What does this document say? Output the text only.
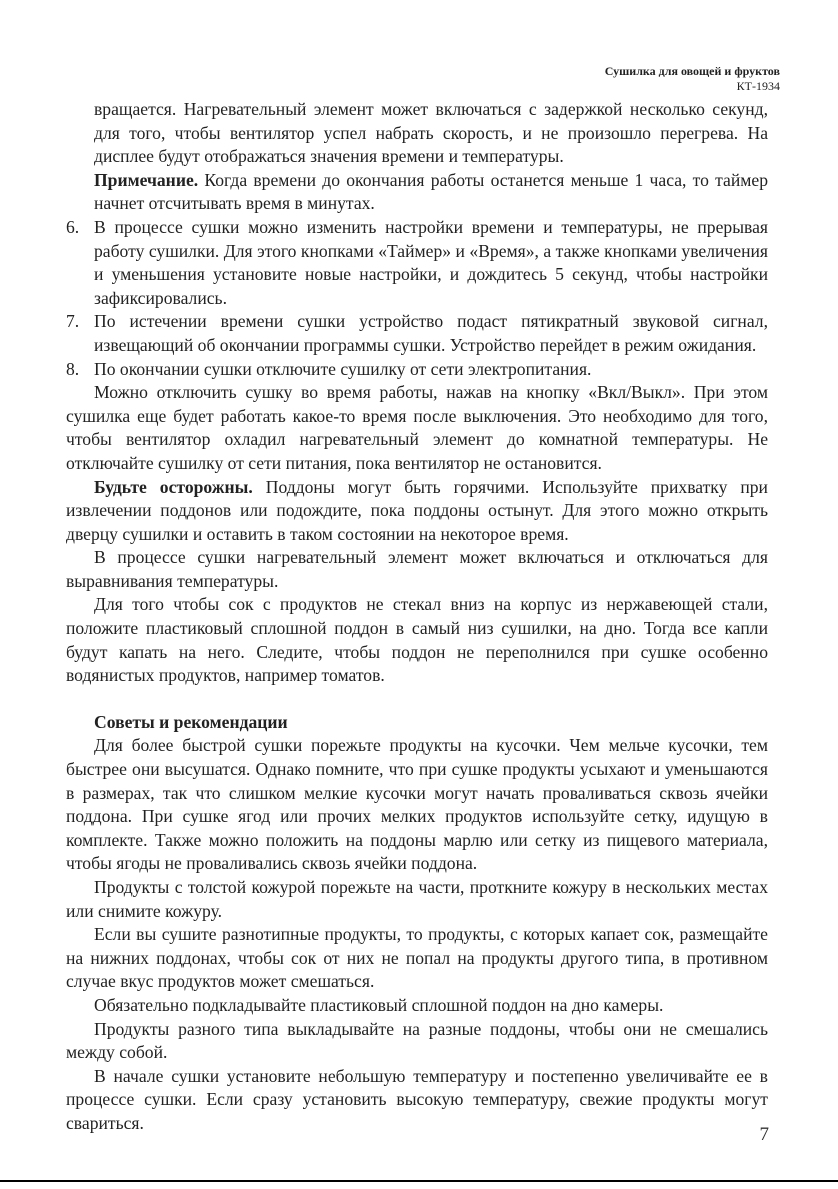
Сушилка для овощей и фруктов
КТ-1934

вращается. Нагревательный элемент может включаться с задержкой несколько секунд, для того, чтобы вентилятор успел набрать скорость, и не произошло перегрева. На дисплее будут отображаться значения времени и температуры.

Примечание. Когда времени до окончания работы останется меньше 1 часа, то таймер начнет отсчитывать время в минутах.

6. В процессе сушки можно изменить настройки времени и температуры, не прерывая работу сушилки. Для этого кнопками «Таймер» и «Время», а также кнопками увеличения и уменьшения установите новые настройки, и дождитесь 5 секунд, чтобы настройки зафиксировались.

7. По истечении времени сушки устройство подаст пятикратный звуковой сигнал, извещающий об окончании программы сушки. Устройство перейдет в режим ожидания.

8. По окончании сушки отключите сушилку от сети электропитания.

Можно отключить сушку во время работы, нажав на кнопку «Вкл/Выкл». При этом сушилка еще будет работать какое-то время после выключения. Это необходимо для того, чтобы вентилятор охладил нагревательный элемент до комнатной температуры. Не отключайте сушилку от сети питания, пока вентилятор не остановится.

Будьте осторожны. Поддоны могут быть горячими. Используйте прихватку при извлечении поддонов или подождите, пока поддоны остынут. Для этого можно открыть дверцу сушилки и оставить в таком состоянии на некоторое время.

В процессе сушки нагревательный элемент может включаться и отключаться для выравнивания температуры.

Для того чтобы сок с продуктов не стекал вниз на корпус из нержавеющей стали, положите пластиковый сплошной поддон в самый низ сушилки, на дно. Тогда все капли будут капать на него. Следите, чтобы поддон не переполнился при сушке особенно водянистых продуктов, например томатов.

Советы и рекомендации

Для более быстрой сушки порежьте продукты на кусочки. Чем мельче кусочки, тем быстрее они высушатся. Однако помните, что при сушке продукты усыхают и уменьшаются в размерах, так что слишком мелкие кусочки могут начать проваливаться сквозь ячейки поддона. При сушке ягод или прочих мелких продуктов используйте сетку, идущую в комплекте. Также можно положить на поддоны марлю или сетку из пищевого материала, чтобы ягоды не проваливались сквозь ячейки поддона.

Продукты с толстой кожурой порежьте на части, проткните кожуру в нескольких местах или снимите кожуру.

Если вы сушите разнотипные продукты, то продукты, с которых капает сок, размещайте на нижних поддонах, чтобы сок от них не попал на продукты другого типа, в противном случае вкус продуктов может смешаться.

Обязательно подкладывайте пластиковый сплошной поддон на дно камеры.

Продукты разного типа выкладывайте на разные поддоны, чтобы они не смешались между собой.

В начале сушки установите небольшую температуру и постепенно увеличивайте ее в процессе сушки. Если сразу установить высокую температуру, свежие продукты могут свариться.

7
